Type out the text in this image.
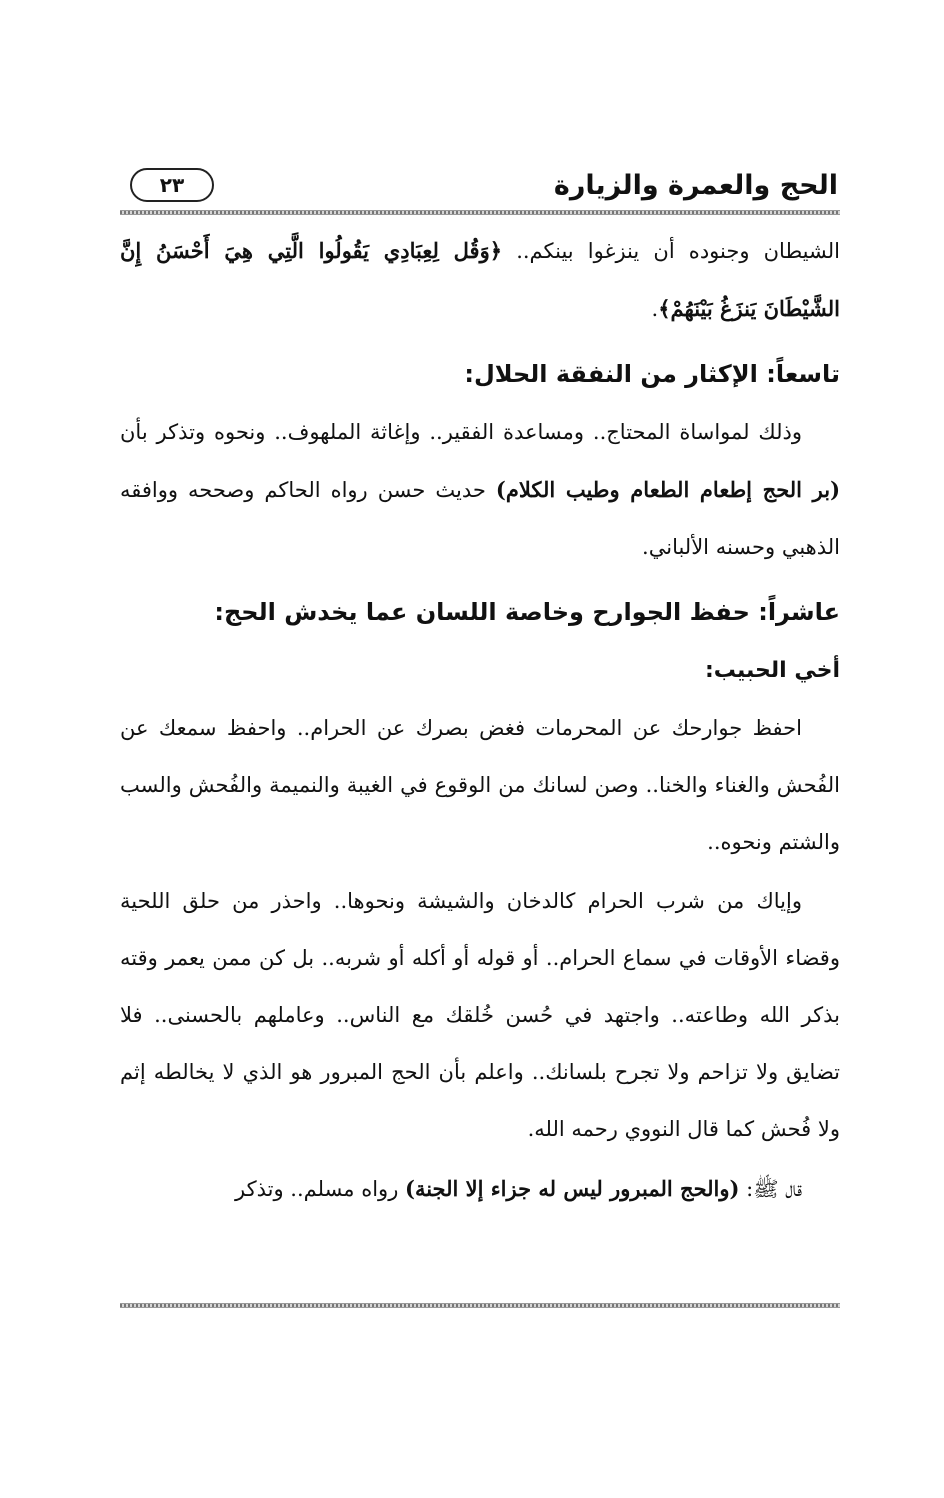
الحج والعمرة والزيارة
٢٣

الشيطان وجنوده أن ينزغوا بينكم.. ﴿وَقُل لِعِبَادِي يَقُولُوا الَّتِي هِيَ أَحْسَنُ إِنَّ الشَّيْطَانَ يَنزَغُ بَيْنَهُمْ﴾.

تاسعاً: الإكثار من النفقة الحلال:

وذلك لمواساة المحتاج.. ومساعدة الفقير.. وإغاثة الملهوف.. ونحوه وتذكر بأن (بر الحج إطعام الطعام وطيب الكلام) حديث حسن رواه الحاكم وصححه ووافقه الذهبي وحسنه الألباني.

عاشراً: حفظ الجوارح وخاصة اللسان عما يخدش الحج:
أخي الحبيب:

احفظ جوارحك عن المحرمات فغض بصرك عن الحرام.. واحفظ سمعك عن الفُحش والغناء والخنا.. وصن لسانك من الوقوع في الغيبة والنميمة والفُحش والسب والشتم ونحوه..

وإياك من شرب الحرام كالدخان والشيشة ونحوها.. واحذر من حلق اللحية وقضاء الأوقات في سماع الحرام.. أو قوله أو أكله أو شربه.. بل كن ممن يعمر وقته بذكر الله وطاعته.. واجتهد في حُسن خُلقك مع الناس.. وعاملهم بالحسنى.. فلا تضايق ولا تزاحم ولا تجرح بلسانك.. واعلم بأن الحج المبرور هو الذي لا يخالطه إثم ولا فُحش كما قال النووي رحمه الله.

قال ﷺ: (والحج المبرور ليس له جزاء إلا الجنة) رواه مسلم.. وتذكر
